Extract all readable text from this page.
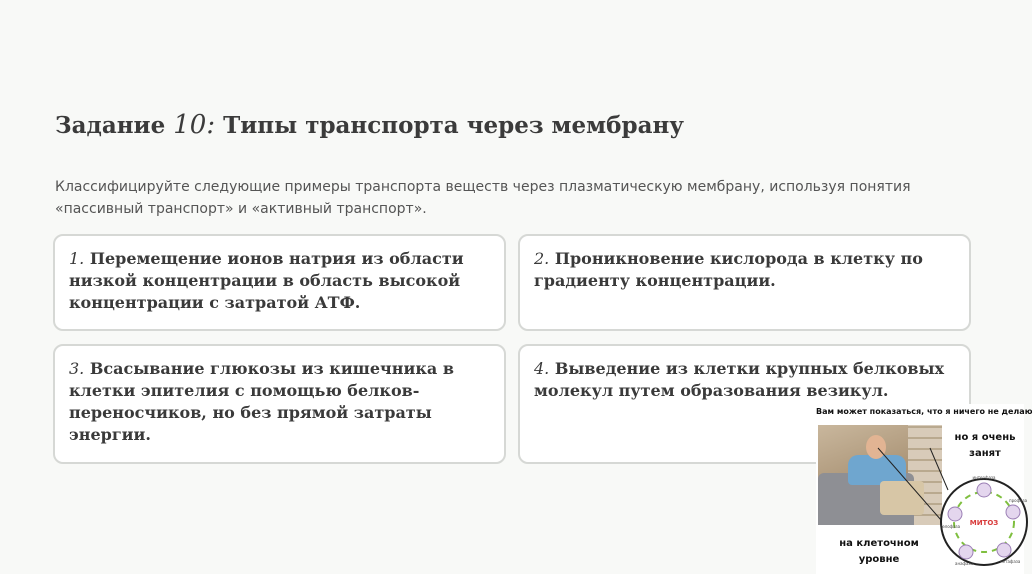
Задание 10: Типы транспорта через мембрану
Классифицируйте следующие примеры транспорта веществ через плазматическую мембрану, используя понятия «пассивный транспорт» и «активный транспорт».
1. Перемещение ионов натрия из области низкой концентрации в область высокой концентрации с затратой АТФ.
2. Проникновение кислорода в клетку по градиенту концентрации.
3. Всасывание глюкозы из кишечника в клетки эпителия с помощью белков-переносчиков, но без прямой затраты энергии.
4. Выведение из клетки крупных белковых молекул путем образования везикул.
Вам может показаться, что я ничего не делаю
но я очень занят
на клеточном уровне
МИТОЗ
интерфаза
профаза
метафаза
анафаза
телофаза
